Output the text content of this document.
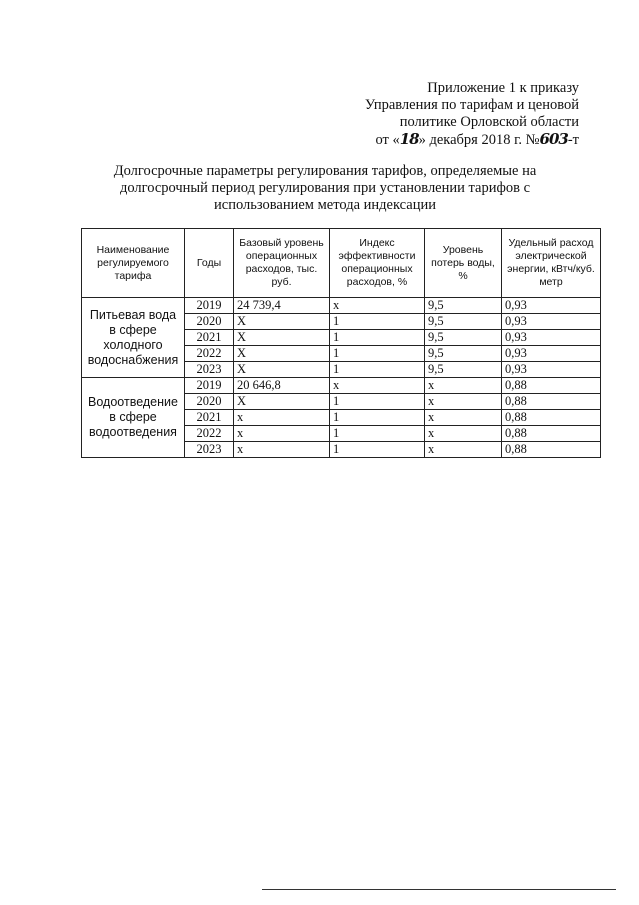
Приложение 1 к приказу
Управления по тарифам и ценовой
политике Орловской области
от «18» декабря 2018 г. №603-т
Долгосрочные параметры регулирования тарифов, определяемые на долгосрочный период регулирования при установлении тарифов с использованием метода индексации
Наименование регулируемого тарифа	Годы	Базовый уровень операционных расходов, тыс. руб.	Индекс эффективности операционных расходов, %	Уровень потерь воды, %	Удельный расход электрической энергии, кВтч/куб. метр
Питьевая вода в сфере холодного водоснабжения	2019	24 739,4	х	9,5	0,93
	2020	Х	1	9,5	0,93
	2021	Х	1	9,5	0,93
	2022	Х	1	9,5	0,93
	2023	Х	1	9,5	0,93
Водоотведение в сфере водоотведения	2019	20 646,8	х	х	0,88
	2020	Х	1	х	0,88
	2021	х	1	х	0,88
	2022	х	1	х	0,88
	2023	х	1	х	0,88
